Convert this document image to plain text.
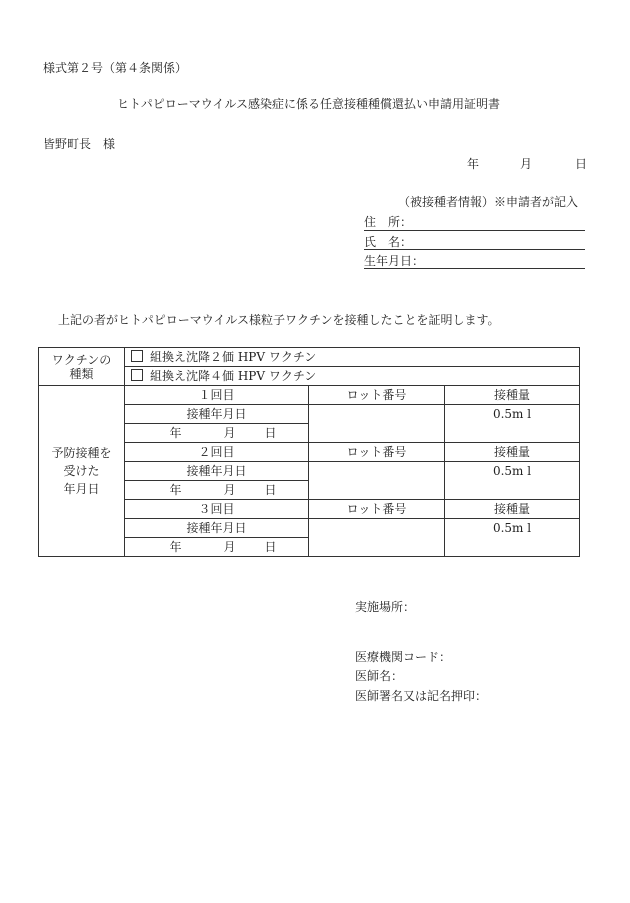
様式第２号（第４条関係）
ヒトパピローマウイルス感染症に係る任意接種種償還払い申請用証明書
皆野町長　様
年	月	日
（被接種者情報）※申請者が記入
住　所：
氏　名：
生年月日：
上記の者がヒトパピローマウイルス様粒子ワクチンを接種したことを証明します。
ワクチンの
種類	組換え沈降２価 HPV ワクチン		
	組換え沈降４価 HPV ワクチン		

予防接種を
受けた
年月日	１回目	ロット番号	接種量
	接種年月日		0.5m l
	年 月 日		
	２回目	ロット番号	接種量
	接種年月日		0.5m l
	年 月 日		
	３回目	ロット番号	接種量
	接種年月日		0.5m l
	年 月 日		
実施場所：
医療機関コード：
医師名：
医師署名又は記名押印：
